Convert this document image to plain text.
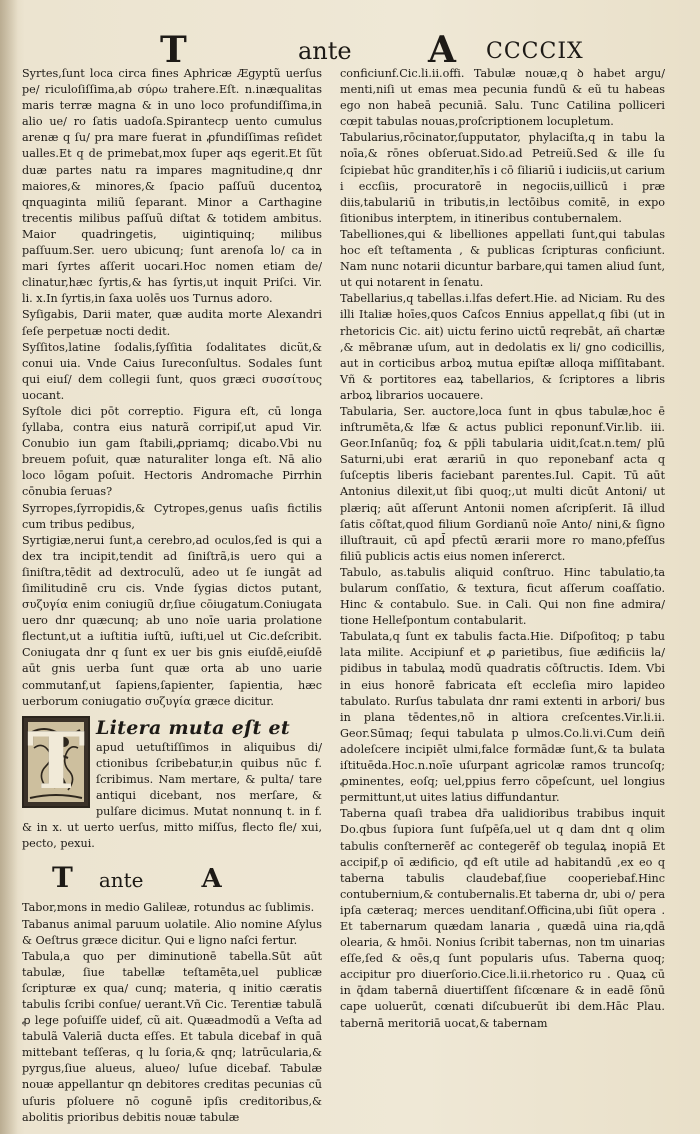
T	ante A CCCCIX

Syrtes,ſunt loca circa fines Aphricæ Ægyptũ uerſus pe/ riculoſiſſima,ab σύρω trahere.Eſt. n.inæqualitas maris terræ magna & in uno loco profundiſſima,in alio ue/ ro ſatis uadoſa.Spirantecp uento cumulus arenæ q ſu/ pra mare fuerat in ꝓfundiſſimas reſidet ualles.Et q de primebat,mox ſuper aqs egerit.Et ſũt duæ partes natu ra impares magnitudine,q dnr maiores,& minores,& ſpacio paſſuũ ducentoꝝ qnquaginta miliũ ſeparant. Minor a Carthagine trecentis milibus paſſuũ diſtat & totidem ambitus. Maior quadringetis, uigintiquinq; milibus paſſuum.Ser. uero ubicunq; ſunt arenoſa lo/ ca in mari ſyrtes aſſerit uocari.Hoc nomen etiam de/ clinatur,hæc ſyrtis,& has ſyrtis,ut inquit Priſci. Vir. li. x.In ſyrtis,in ſaxa uolēs uos Turnus adoro.

Syſigabis, Darii mater, quæ audita morte Alexandri ſeſe perpetuæ nocti dedit.

Syſſitos,latine ſodalis,ſyſſitia ſodalitates dicũt,& conui uia. Vnde Caius Iureconſultus. Sodales ſunt qui eiuſ/ dem collegii ſunt, quos græci συσσίτους uocant.

Syſtole dici pōt correptio. Figura eſt, cū longa ſyllaba, contra eius naturã corripiſ,ut apud Vir. Conubio iun gam ſtabili,ꝓpriamq; dicabo.Vbi nu breuem poſuit, quæ naturaliter longa eſt. Nā alio loco lōgam poſuit. Hectoris Andromache Pirrhin cōnubia ſeruas?

Syrropes,ſyrropidis,& Cytropes,genus uaſis fictilis cum tribus pedibus,

Syrtigiæ,nerui ſunt,a cerebro,ad oculos,ſed is qui a dex tra incipit,tendit ad ſiniſtrã,is uero qui a ſiniſtra,tēdit ad dextroculũ, adeo ut ſe iungāt ad ſimilitudinē cru cis. Vnde ſygias dictos putant, συζυγία enim coniugiũ dr,ſiue cōiugatum.Coniugata uero dnr quæcunq; ab uno noīe uaria prolatione flectunt,ut a iuſtitia iuſtũ, iuſti,uel ut Cic.deſcribit. Coniugata dnr q ſunt ex uer bis gnis eiuſdē,eiuſdē aūt gnis uerba ſunt quæ orta ab uno uarie commutanf,ut ſapiens,ſapienter, ſapientia, hæc uerborum coniugatio συζυγία græce dicitur.

T Litera muta eſt et

apud uetuſtiſſimos in aliquibus di/ ctionibus ſcribebatur,in quibus nūc f. ſcribimus. Nam mertare, & pulta/ tare antiqui dicebant, nos merſare, & pulſare dicimus. Mutat nonnunq t. in f. & in x. ut uerto uerſus, mitto miſſus, flecto fle/ xui, pecto, pexui.

T ante A

Tabor,mons in medio Galileæ, rotundus ac ſublimis.

Tabanus animal paruum uolatile. Alio nomine Aſylus & Oeſtrus græce dicitur. Qui e ligno naſci fertur.

Tabula,a quo per diminutionē tabella.Sūt aūt tabulæ, ſiue tabellæ teſtamēta,uel publicæ ſcripturæ ex qua/ cunq; materia, q initio cæratis tabulis ſcribi conſue/ uerant.Vñ Cic. Terentiæ tabulã ꝓ lege poſuiſſe uidef, cũ ait. Quæadmodũ a Veſta ad tabulã Valeriā ducta eſſes. Et tabula dicebaf in quā mittebant teſſeras, q lu ſoria,& qnq; latrūcularia,& pyrgus,ſiue alueus, alueo/ luſue dicebaf. Tabulæ nouæ appellantur qn debitores creditas pecunias cū uſuris pſoluere nō cogunē ipſis creditoribus,& abolitis prioribus debitis nouæ tabulæ

conficiunf.Cic.li.ii.offi. Tabulæ nouæ,q ꝺ habet argu/ menti,niſi ut emas mea pecunia fundũ & eũ tu habeas ego non habeā pecuniā. Salu. Tunc Catilina polliceri cœpit tabulas nouas,proſcriptionem locupletum.

Tabularius,rōcinator,ſupputator, phylaciſta,q in tabu la noīa,& rōnes obſeruat.Sido.ad Petreiũ.Sed & ille ſu ſcipiebat hūc granditer,hīs i cō ſiliariū i iudiciis,ut carium i eccſiis, procuratorē in negociis,uillicū i præ diis,tabulariū in tributis,in lectōibus comitē, in expo ſitionibus interptem, in itineribus contubernalem.

Tabelliones,qui & libelliones appellati ſunt,qui tabulas hoc eſt teſtamenta , & publicas ſcripturas conficiunt. Nam nunc notarii dicuntur barbare,qui tamen aliud ſunt, ut qui notarent in ſenatu.

Tabellarius,q tabellas.i.lfas defert.Hie. ad Niciam. Ru des illi Italiæ hoīes,quos Caſcos Ennius appellat,q ſibi (ut in rhetoricis Cic. ait) uictu ferino uictū reqrebāt, añ chartæ ,& mēbranæ uſum, aut in dedolatis ex li/ gno codicillis, aut in corticibus arboꝝ mutua epiſtæ alloqa miſſitabant. Vñ & portitores eaꝝ tabellarios, & ſcriptores a libris arboꝝ librarios uocauere.

Tabularia, Ser. auctore,loca ſunt in qbus tabulæ,hoc ē inſtrumēta,& lfæ & actus publici reponunf.Vir.lib. iii. Geor.Inſanūq; foꝝ & pp̄li tabularia uidit,ſcat.n.tem/ plū Saturni,ubi erat ærariū in quo reponebanf acta q ſuſceptis liberis faciebant parentes.Iul. Capit. Tū aūt Antonius dilexit,ut ſibi quoq;,ut multi dicūt Antoni/ ut plæriq; aūt aſſerunt Antonii nomen aſcripſerit. Iā illud ſatis cōſtat,quod filium Gordianū noīe Anto/ nini,& ſigno illuſtrauit, cū apd̄ pfectū ærarii more ro mano,pfeſſus filiū publicis actis eius nomen inſererct.

Tabulo, as.tabulis aliquid conſtruo. Hinc tabulatio,ta bularum conſſatio, & textura, ficut aſſerum coaſſatio. Hinc & contabulo. Sue. in Cali. Qui non fine admira/ tione Helleſpontum contabularit.

Tabulata,q ſunt ex tabulis facta.Hie. Diſpoſitoq; p tabu lata milite. Accipiunf et ꝓ parietibus, ſiue ædificiis la/ pidibus in tabulaꝝ modũ quadratis cōſtructis. Idem. Vbi in eius honorē fabricata eſt eccleſia miro lapideo tabulato. Rurſus tabulata dnr rami extenti in arbori/ bus in plana tēdentes,nō in altiora creſcentes.Vir.li.ii. Geor.Sūmaq; ſequi tabulata p ulmos.Co.li.vi.Cum deiñ adoleſcere incipiēt ulmi,falce formādæ ſunt,& ta bulata iſtituēda.Hoc.n.noīe uſurpant agricolæ ramos truncoſq; ꝓminentes, eoſq; uel,ppius ferro cōpeſcunt, uel longius permittunt,ut uites latius diffundantur.

Taberna quaſi trabea dr̄a ualidioribus trabibus inquit Do.qbus ſupiora ſunt ſuſpēſa,uel ut q dam dnt q olim tabulis conſternerēf ac contegerēf ob tegulaꝝ inopiā Et accipif,p oī ædificio, qđ eſt utile ad habitandū ,ex eo q taberna tabulis claudebaf,ſiue cooperiebaf.Hinc contubernium,& contubernalis.Et taberna dr, ubi o/ pera ipſa cæteraq; merces uenditanf.Officina,ubi ſiūt opera . Et tabernarum quædam lanaria , quædā uina ria,qdā olearia, & hmōi. Nonius ſcribit tabernas, non tm uinarias eſſe,ſed & oēs,q ſunt popularis uſus. Taberna quoq; accipitur pro diuerſorio.Cice.li.ii.rhetorico ru . Quaꝝ cū in q̄dam tabernā diuertiſſent ſiſcœnare & in eadē ſōnū cape uoluerūt, cœnati diſcubuerūt ibi dem.Hāc Plau. tabernā meritoriā uocat,& tabernam
